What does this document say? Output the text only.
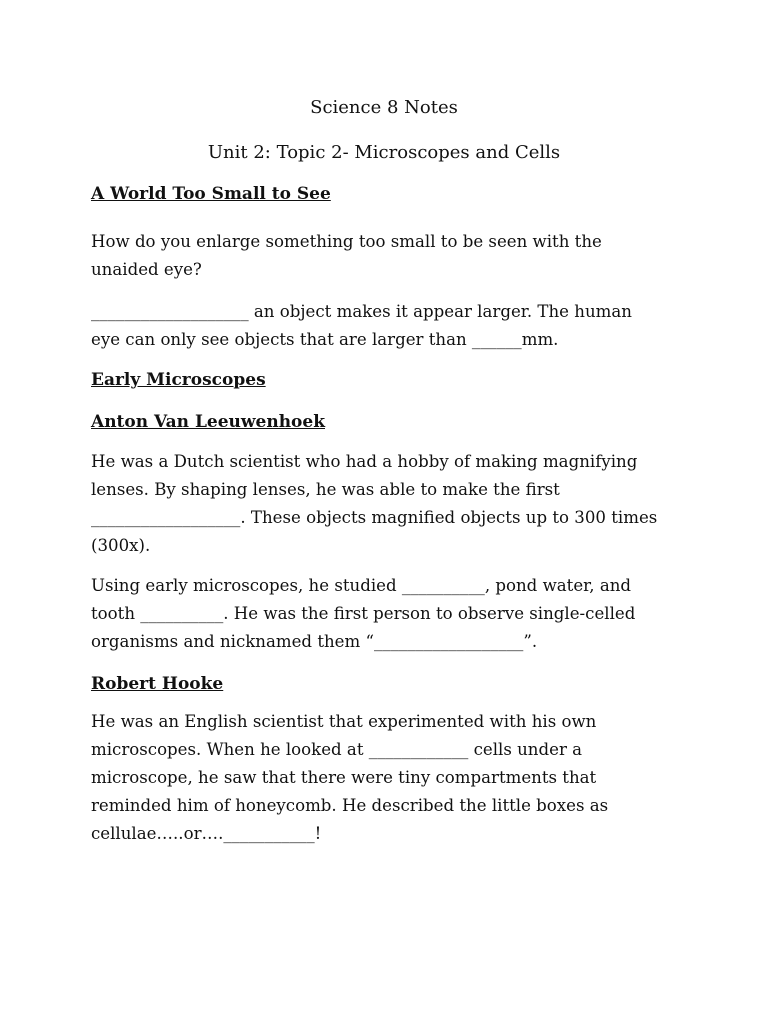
Science 8 Notes
Unit 2: Topic 2- Microscopes and Cells
A World Too Small to See

How do you enlarge something too small to be seen with the
unaided eye?

___________________ an object makes it appear larger. The human
eye can only see objects that are larger than ______mm.

Early Microscopes
Anton Van Leeuwenhoek

He was a Dutch scientist who had a hobby of making magnifying
lenses. By shaping lenses, he was able to make the first
__________________. These objects magnified objects up to 300 times
(300x).

Using early microscopes, he studied __________, pond water, and
tooth __________. He was the first person to observe single-celled
organisms and nicknamed them “__________________”.

Robert Hooke

He was an English scientist that experimented with his own
microscopes. When he looked at ____________ cells under a
microscope, he saw that there were tiny compartments that
reminded him of honeycomb. He described the little boxes as
cellulae…..or….___________!
